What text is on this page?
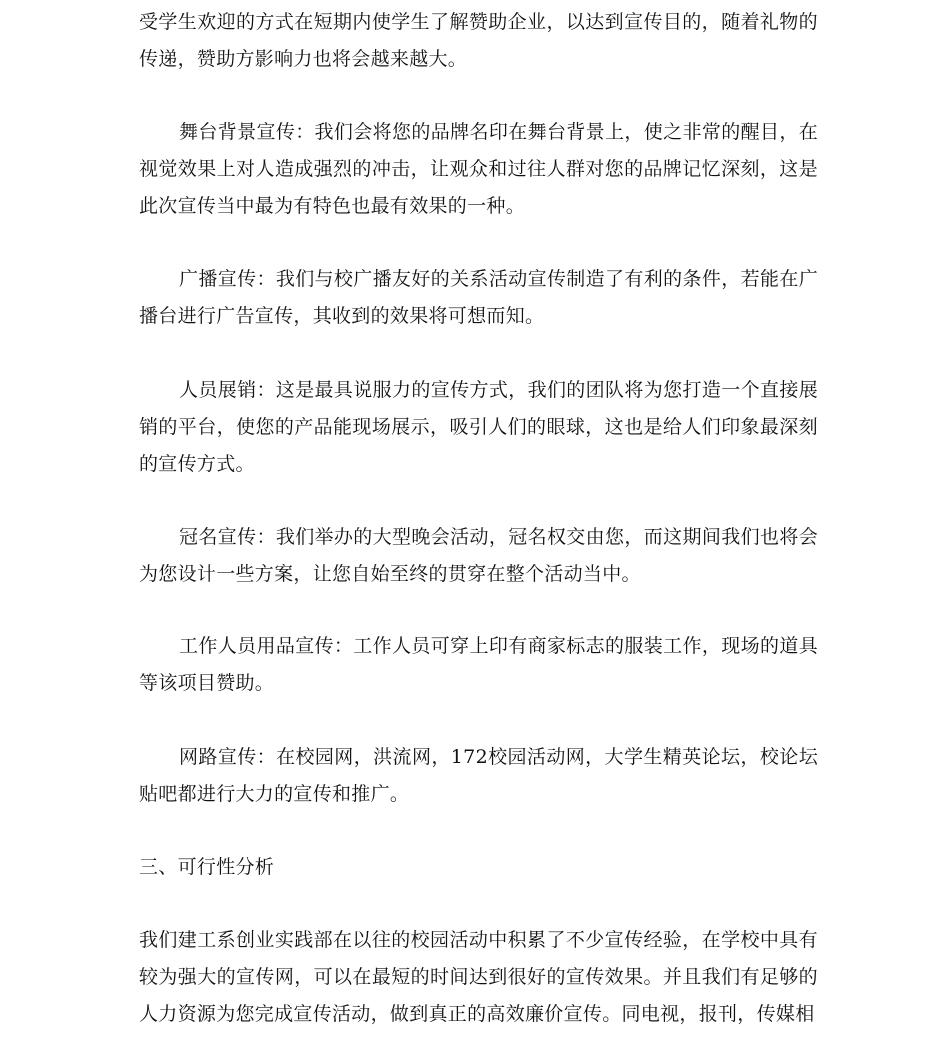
受学生欢迎的方式在短期内使学生了解赞助企业，以达到宣传目的，随着礼物的传递，赞助方影响力也将会越来越大。

舞台背景宣传：我们会将您的品牌名印在舞台背景上，使之非常的醒目，在视觉效果上对人造成强烈的冲击，让观众和过往人群对您的品牌记忆深刻，这是此次宣传当中最为有特色也最有效果的一种。

广播宣传：我们与校广播友好的关系活动宣传制造了有利的条件，若能在广播台进行广告宣传，其收到的效果将可想而知。

人员展销：这是最具说服力的宣传方式，我们的团队将为您打造一个直接展销的平台，使您的产品能现场展示，吸引人们的眼球，这也是给人们印象最深刻的宣传方式。

冠名宣传：我们举办的大型晚会活动，冠名权交由您，而这期间我们也将会为您设计一些方案，让您自始至终的贯穿在整个活动当中。

工作人员用品宣传：工作人员可穿上印有商家标志的服装工作，现场的道具等该项目赞助。

网路宣传：在校园网，洪流网，172校园活动网，大学生精英论坛，校论坛贴吧都进行大力的宣传和推广。

三、可行性分析

我们建工系创业实践部在以往的校园活动中积累了不少宣传经验，在学校中具有较为强大的宣传网，可以在最短的时间达到很好的宣传效果。并且我们有足够的人力资源为您完成宣传活动，做到真正的高效廉价宣传。同电视，报刊，传媒相
